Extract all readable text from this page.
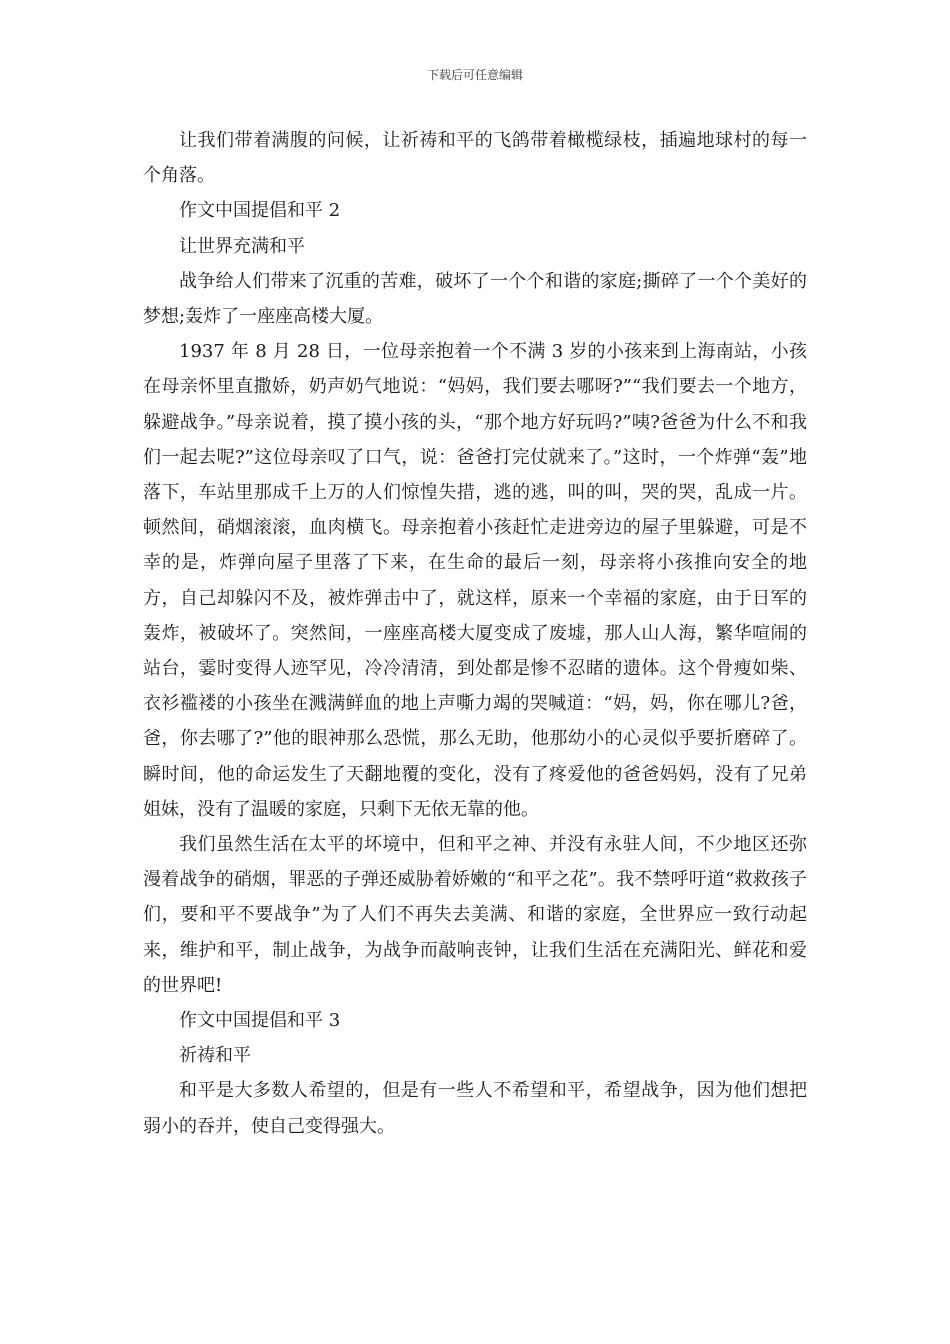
下载后可任意编辑

让我们带着满腹的问候，让祈祷和平的飞鸽带着橄榄绿枝，插遍地球村的每一个角落。

作文中国提倡和平 2

让世界充满和平

战争给人们带来了沉重的苦难，破坏了一个个和谐的家庭;撕碎了一个个美好的梦想;轰炸了一座座高楼大厦。

1937 年 8 月 28 日，一位母亲抱着一个不满 3 岁的小孩来到上海南站，小孩在母亲怀里直撒娇，奶声奶气地说：“妈妈，我们要去哪呀?”“我们要去一个地方，躲避战争。”母亲说着，摸了摸小孩的头，“那个地方好玩吗?”咦?爸爸为什么不和我们一起去呢?”这位母亲叹了口气，说：爸爸打完仗就来了。”这时，一个炸弹“轰”地落下，车站里那成千上万的人们惊惶失措，逃的逃，叫的叫，哭的哭，乱成一片。顿然间，硝烟滚滚，血肉横飞。母亲抱着小孩赶忙走进旁边的屋子里躲避，可是不幸的是，炸弹向屋子里落了下来，在生命的最后一刻，母亲将小孩推向安全的地方，自己却躲闪不及，被炸弹击中了，就这样，原来一个幸福的家庭，由于日军的轰炸，被破坏了。突然间，一座座高楼大厦变成了废墟，那人山人海，繁华喧闹的站台，霎时变得人迹罕见，冷冷清清，到处都是惨不忍睹的遗体。这个骨瘦如柴、衣衫褴褛的小孩坐在溅满鲜血的地上声嘶力竭的哭喊道：“妈，妈，你在哪儿?爸，爸，你去哪了?”他的眼神那么恐慌，那么无助，他那幼小的心灵似乎要折磨碎了。瞬时间，他的命运发生了天翻地覆的变化，没有了疼爱他的爸爸妈妈，没有了兄弟姐妹，没有了温暖的家庭，只剩下无依无靠的他。

我们虽然生活在太平的坏境中，但和平之神、并没有永驻人间，不少地区还弥漫着战争的硝烟，罪恶的子弹还威胁着娇嫩的“和平之花”。我不禁呼吁道“救救孩子们，要和平不要战争”为了人们不再失去美满、和谐的家庭，全世界应一致行动起来，维护和平，制止战争，为战争而敲响丧钟，让我们生活在充满阳光、鲜花和爱的世界吧!

作文中国提倡和平 3

祈祷和平

和平是大多数人希望的，但是有一些人不希望和平，希望战争，因为他们想把弱小的吞并，使自己变得强大。
